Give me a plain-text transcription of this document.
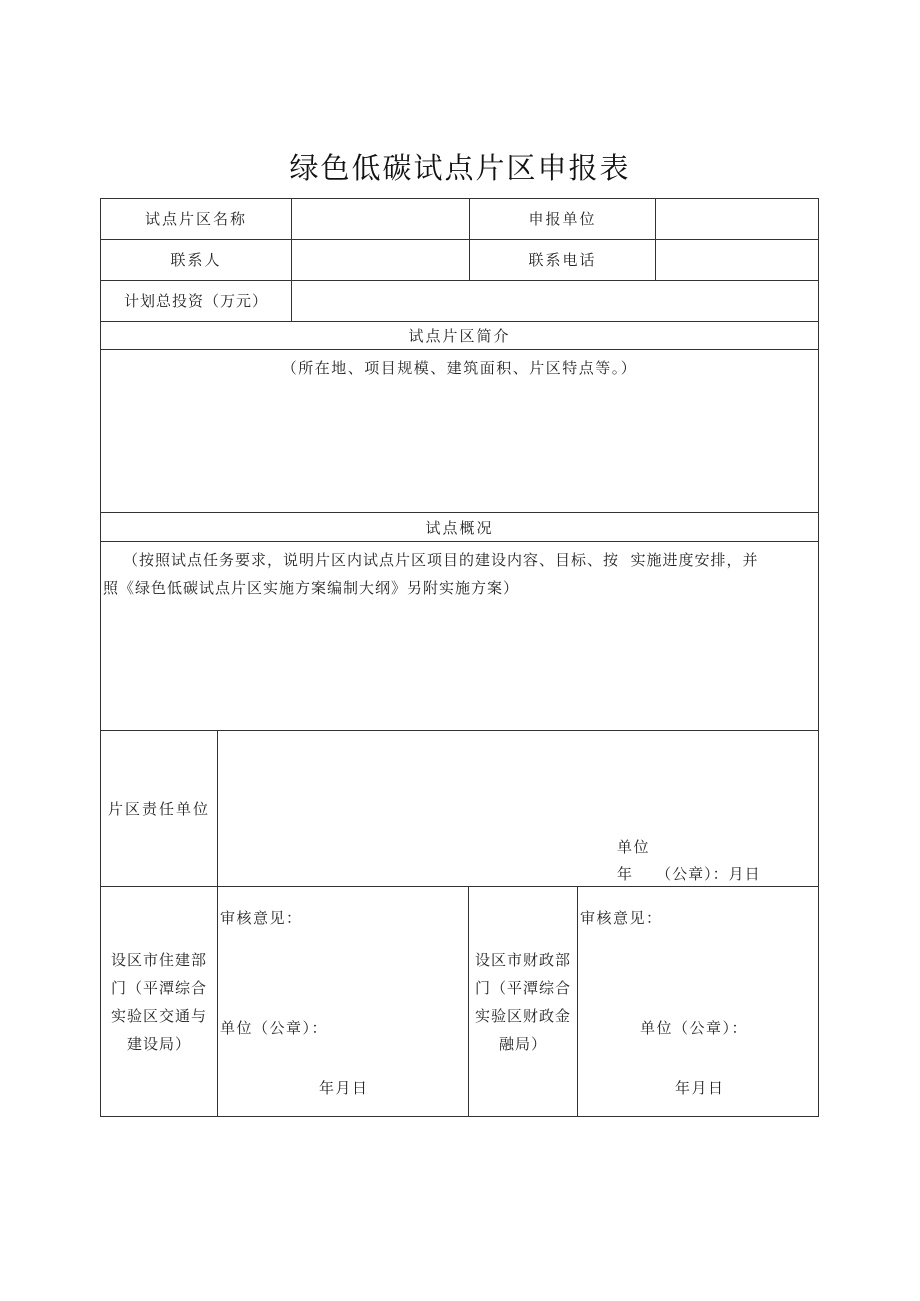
绿色低碳试点片区申报表
试点片区名称	申报单位
联系人	联系电话
计划总投资（万元）
试点片区简介
（所在地、项目规模、建筑面积、片区特点等。）
试点概况
（按照试点任务要求，说明片区内试点片区项目的建设内容、目标、按  实施进度安排，并
照《绿色低碳试点片区实施方案编制大纲》另附实施方案）
片区责任单位
单位
年    （公章）：月日
设区市住建部
门（平潭综合
实验区交通与
建设局）
审核意见：
单位（公章）：
年月日
设区市财政部
门（平潭综合
实验区财政金
融局）
审核意见：
单位（公章）：
年月日
